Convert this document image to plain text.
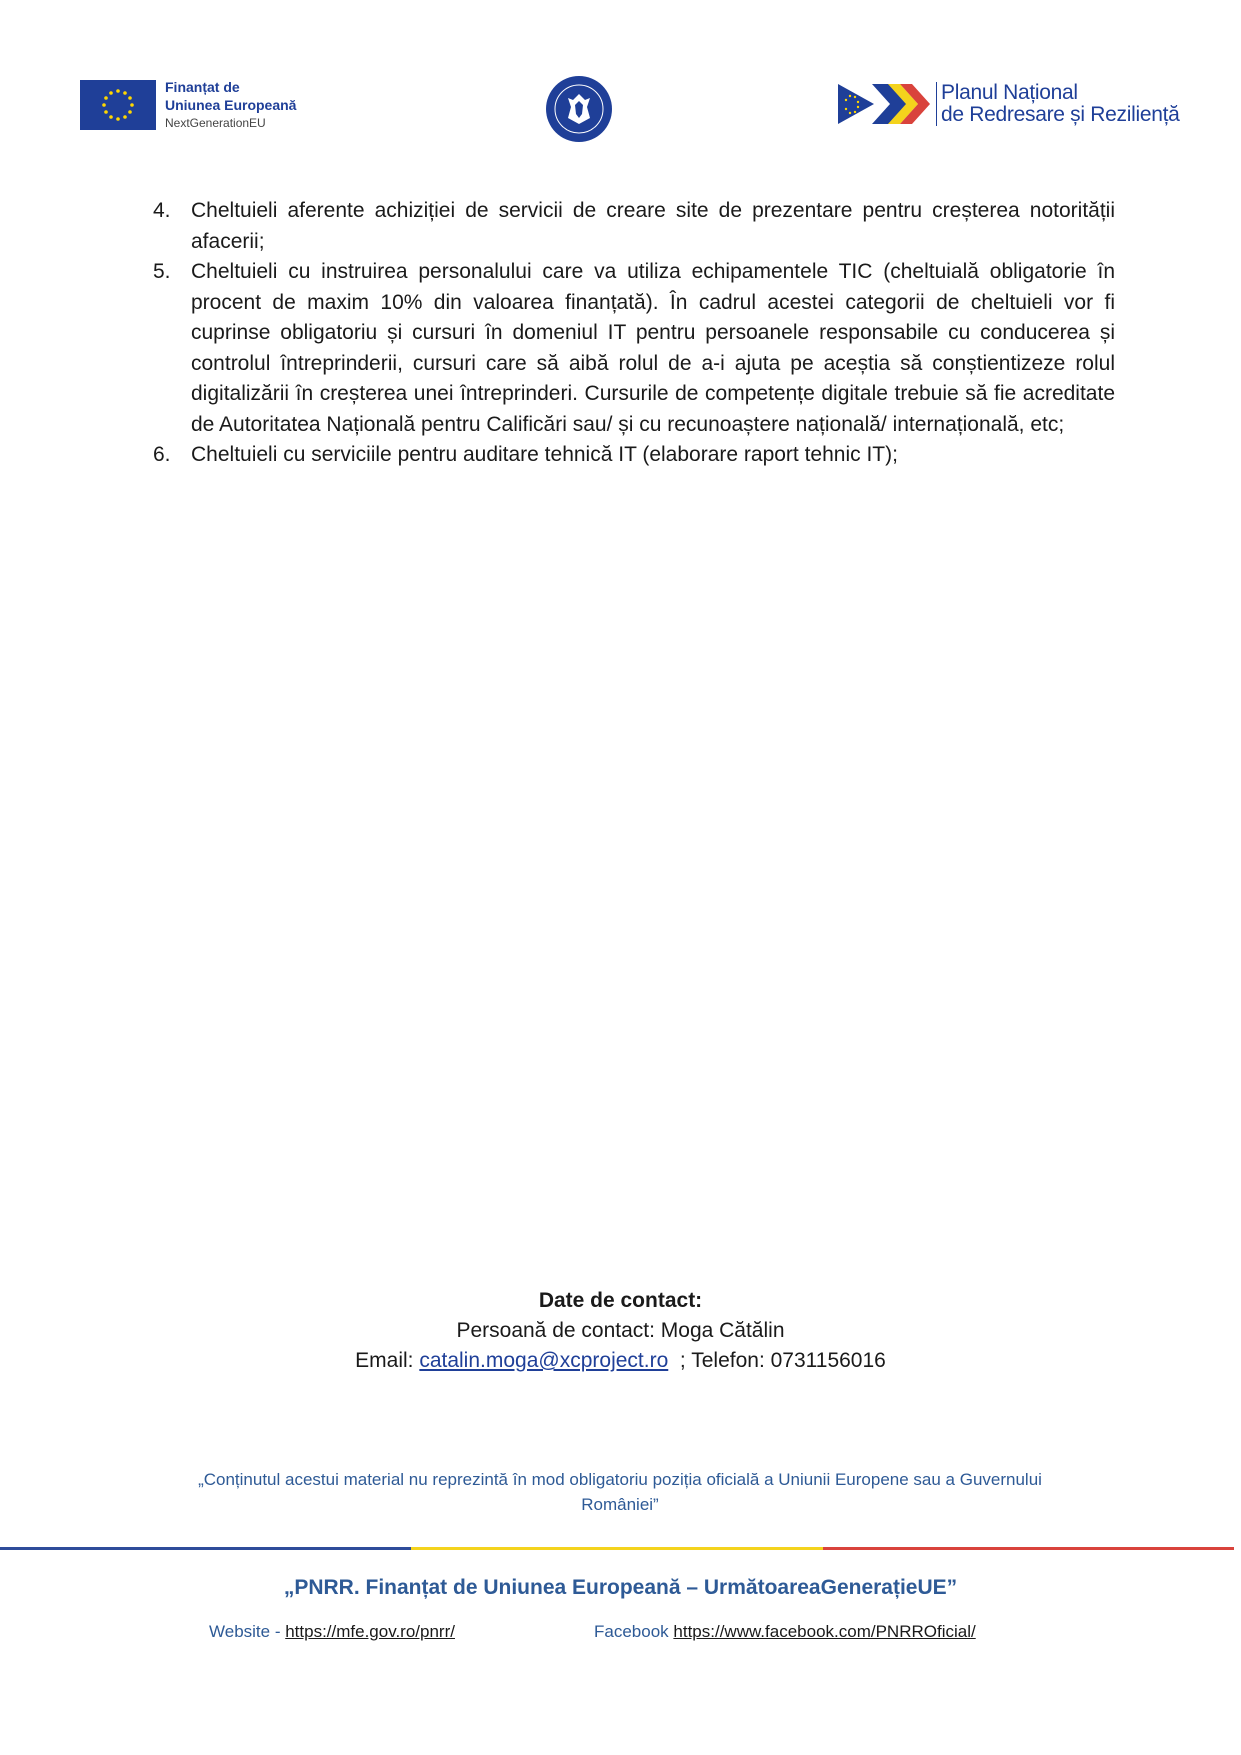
Finanțat de
Uniunea Europeană
NextGenerationEU
Planul Național
de Redresare și Reziliență
4. Cheltuieli aferente achiziției de servicii de creare site de prezentare pentru creșterea notorității afacerii;
5. Cheltuieli cu instruirea personalului care va utiliza echipamentele TIC (cheltuială obligatorie în procent de maxim 10% din valoarea finanțată). În cadrul acestei categorii de cheltuieli vor fi cuprinse obligatoriu și cursuri în domeniul IT pentru persoanele responsabile cu conducerea și controlul întreprinderii, cursuri care să aibă rolul de a-i ajuta pe aceștia să conștientizeze rolul digitalizării în creșterea unei întreprinderi. Cursurile de competențe digitale trebuie să fie acreditate de Autoritatea Națională pentru Calificări sau/ și cu recunoaștere națională/ internațională, etc;
6. Cheltuieli cu serviciile pentru auditare tehnică IT (elaborare raport tehnic IT);
Date de contact:
Persoană de contact: Moga Cătălin
Email: catalin.moga@xcproject.ro  ; Telefon: 0731156016
„Conținutul acestui material nu reprezintă în mod obligatoriu poziția oficială a Uniunii Europene sau a Guvernului
României”
„PNRR. Finanțat de Uniunea Europeană – UrmătoareaGenerațieUE”
Website - https://mfe.gov.ro/pnrr/	Facebook https://www.facebook.com/PNRROficial/
